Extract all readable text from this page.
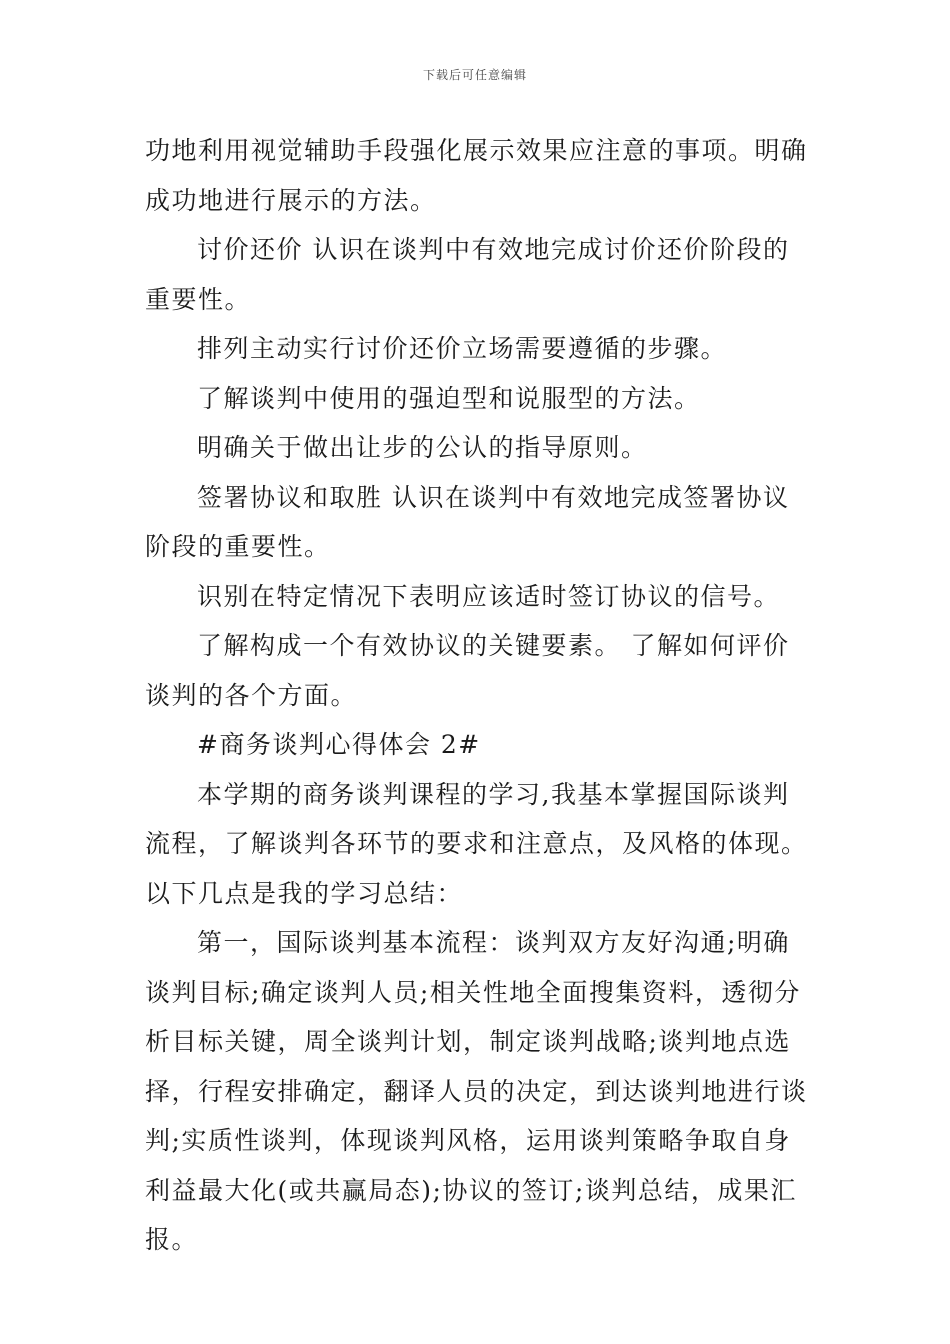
下载后可任意编辑

功地利用视觉辅助手段强化展示效果应注意的事项。明确成功地进行展示的方法。

讨价还价 认识在谈判中有效地完成讨价还价阶段的重要性。

排列主动实行讨价还价立场需要遵循的步骤。

了解谈判中使用的强迫型和说服型的方法。

明确关于做出让步的公认的指导原则。

签署协议和取胜 认识在谈判中有效地完成签署协议阶段的重要性。

识别在特定情况下表明应该适时签订协议的信号。

了解构成一个有效协议的关键要素。 了解如何评价谈判的各个方面。

#商务谈判心得体会 2#

本学期的商务谈判课程的学习,我基本掌握国际谈判流程，了解谈判各环节的要求和注意点，及风格的体现。以下几点是我的学习总结：

第一，国际谈判基本流程：谈判双方友好沟通;明确谈判目标;确定谈判人员;相关性地全面搜集资料，透彻分析目标关键，周全谈判计划，制定谈判战略;谈判地点选择，行程安排确定，翻译人员的决定，到达谈判地进行谈判;实质性谈判，体现谈判风格，运用谈判策略争取自身利益最大化(或共赢局态);协议的签订;谈判总结，成果汇报。
